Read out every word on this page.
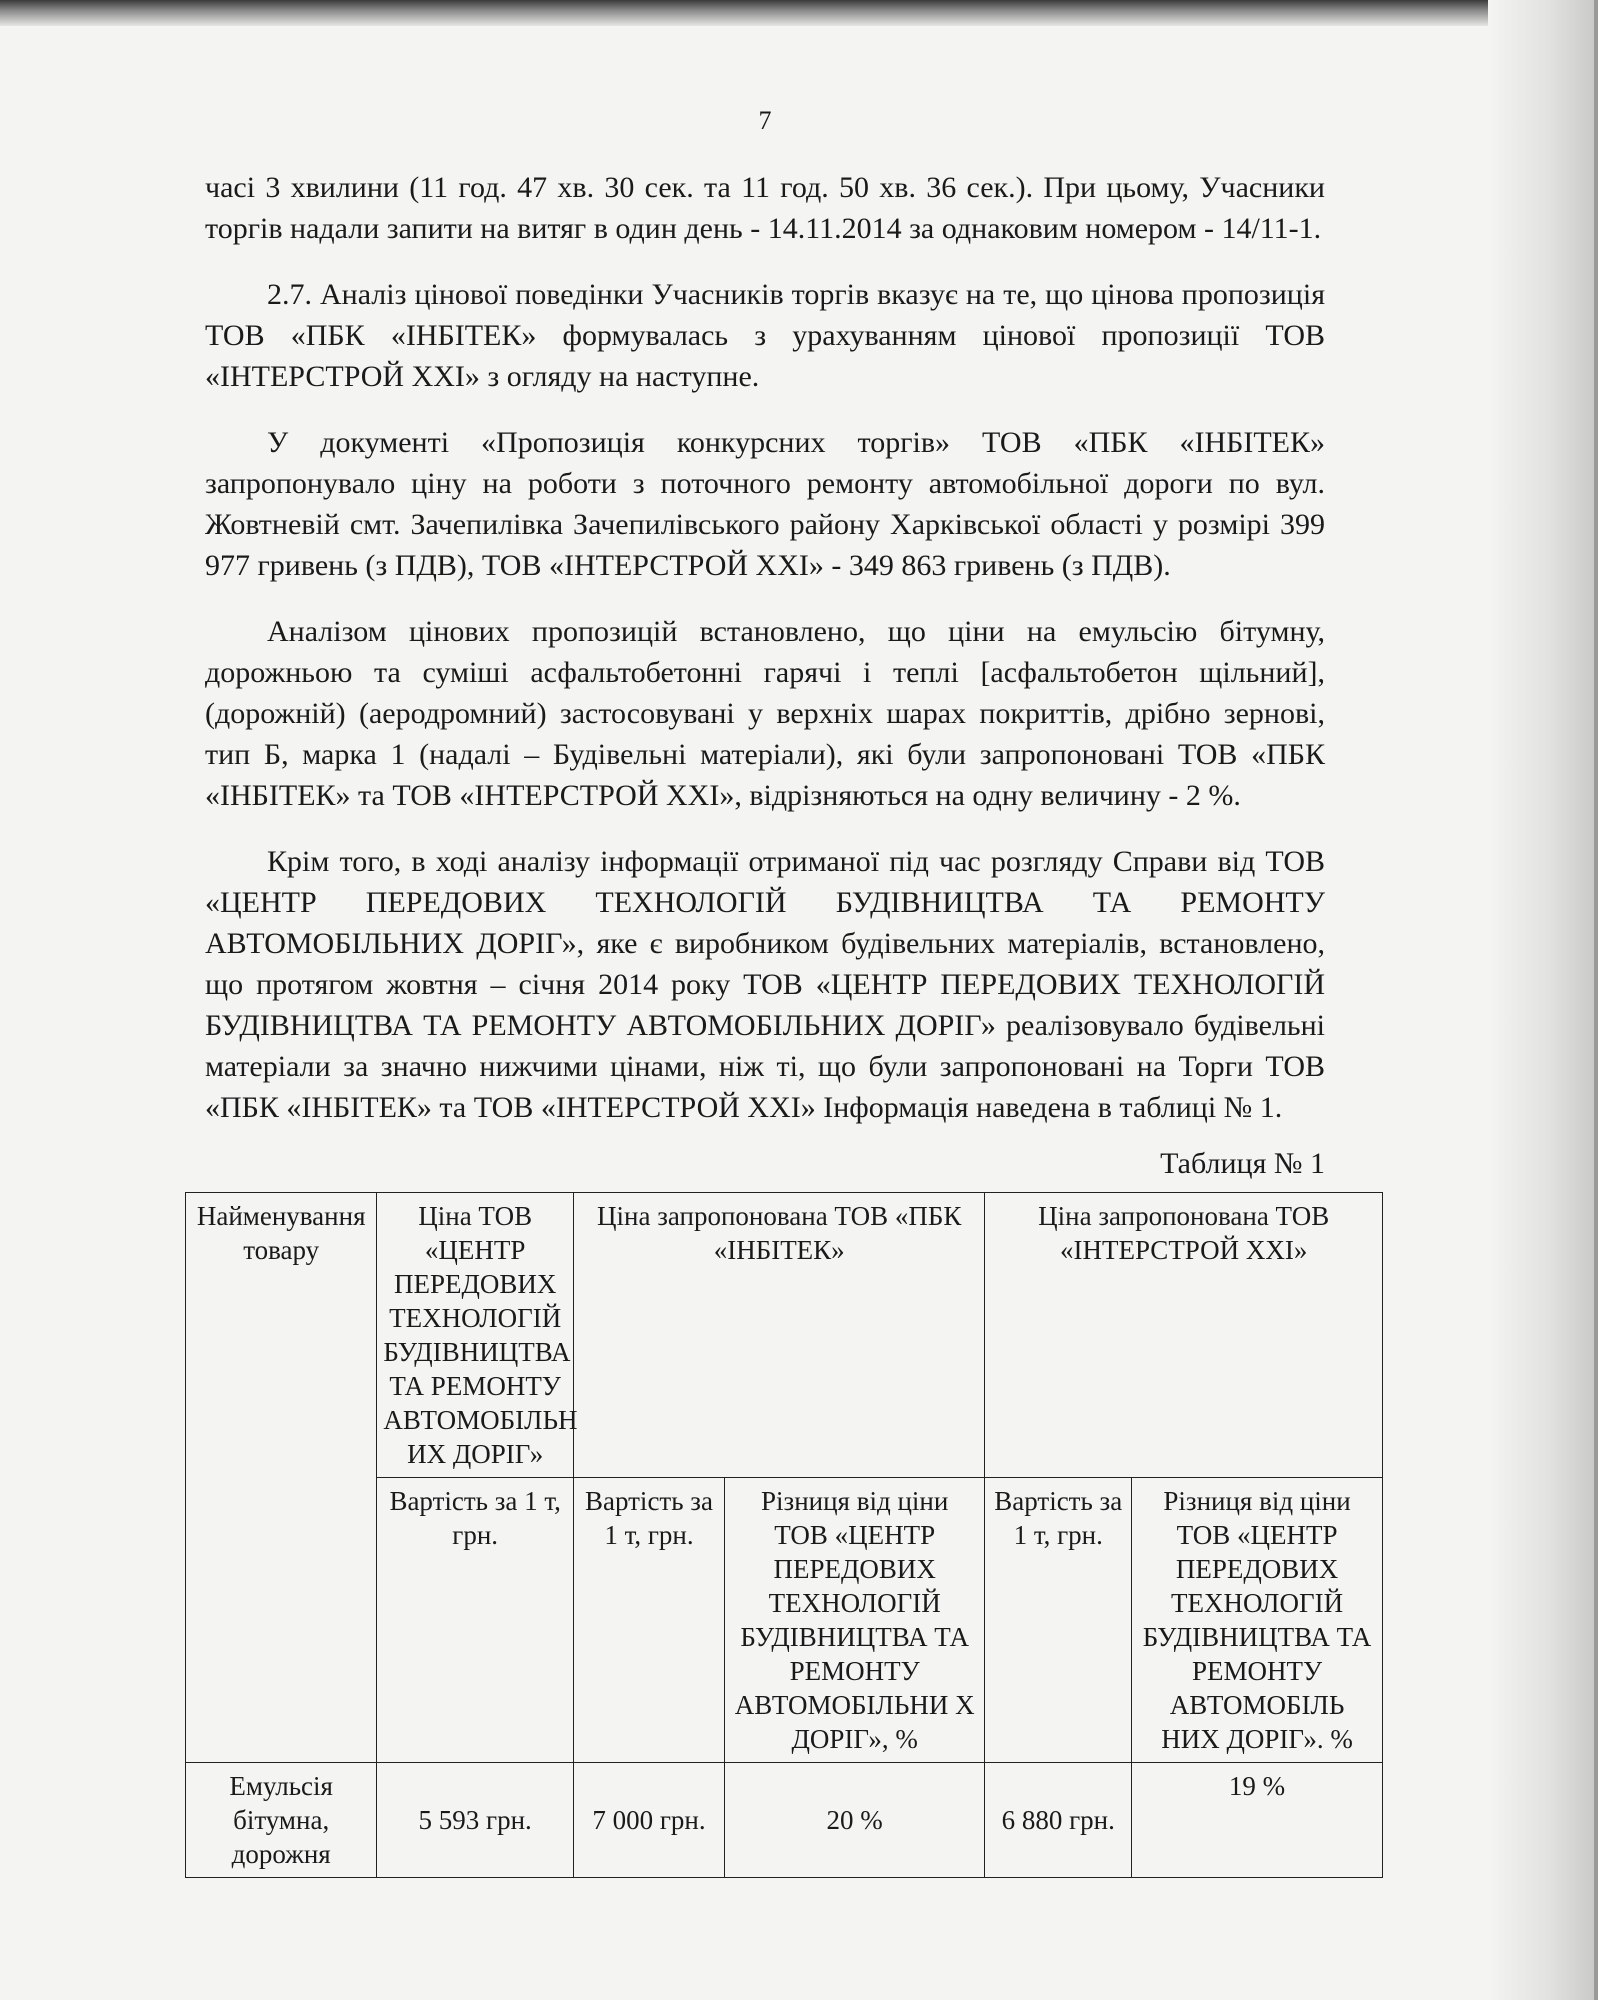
7

часі 3 хвилини (11 год. 47 хв. 30 сек. та 11 год. 50 хв. 36 сек.). При цьому, Учасники торгів надали запити на витяг в один день - 14.11.2014 за однаковим номером - 14/11-1.

2.7. Аналіз цінової поведінки Учасників торгів вказує на те, що цінова пропозиція ТОВ «ПБК «ІНБІТЕК» формувалась з урахуванням цінової пропозиції ТОВ «ІНТЕРСТРОЙ ХХІ» з огляду на наступне.

У документі «Пропозиція конкурсних торгів» ТОВ «ПБК «ІНБІТЕК» запропонувало ціну на роботи з поточного ремонту автомобільної дороги по вул. Жовтневій смт. Зачепилівка Зачепилівського району Харківської області у розмірі 399 977 гривень (з ПДВ), ТОВ «ІНТЕРСТРОЙ ХХІ» - 349 863 гривень (з ПДВ).

Аналізом цінових пропозицій встановлено, що ціни на емульсію бітумну, дорожньою та суміші асфальтобетонні гарячі і теплі [асфальтобетон щільний], (дорожній) (аеродромний) застосовувані у верхніх шарах покриттів, дрібно зернові, тип Б, марка 1 (надалі – Будівельні матеріали), які були запропоновані ТОВ «ПБК «ІНБІТЕК» та ТОВ «ІНТЕРСТРОЙ ХХІ», відрізняються на одну величину - 2 %.

Крім того, в ході аналізу інформації отриманої під час розгляду Справи від ТОВ «ЦЕНТР ПЕРЕДОВИХ ТЕХНОЛОГІЙ БУДІВНИЦТВА ТА РЕМОНТУ АВТОМОБІЛЬНИХ ДОРІГ», яке є виробником будівельних матеріалів, встановлено, що протягом жовтня – січня 2014 року ТОВ «ЦЕНТР ПЕРЕДОВИХ ТЕХНОЛОГІЙ БУДІВНИЦТВА ТА РЕМОНТУ АВТОМОБІЛЬНИХ ДОРІГ» реалізовувало будівельні матеріали за значно нижчими цінами, ніж ті, що були запропоновані на Торги ТОВ «ПБК «ІНБІТЕК» та ТОВ «ІНТЕРСТРОЙ ХХІ» Інформація наведена в таблиці № 1.

Таблиця № 1
Найменування товару	Ціна ТОВ «ЦЕНТР ПЕРЕДОВИХ ТЕХНОЛОГІЙ БУДІВНИЦТВА ТА РЕМОНТУ АВТОМОБІЛЬН ИХ ДОРІГ»	Ціна запропонована ТОВ «ПБК «ІНБІТЕК»		Ціна запропонована ТОВ «ІНТЕРСТРОЙ ХХІ»	
	Вартість за 1 т, грн.	Вартість за 1 т, грн.	Різниця від ціни ТОВ «ЦЕНТР ПЕРЕДОВИХ ТЕХНОЛОГІЙ БУДІВНИЦТВА ТА РЕМОНТУ АВТОМОБІЛЬНИ Х ДОРІГ», %	Вартість за 1 т, грн.	Різниця від ціни ТОВ «ЦЕНТР ПЕРЕДОВИХ ТЕХНОЛОГІЙ БУДІВНИЦТВА ТА РЕМОНТУ АВТОМОБІЛЬ НИХ ДОРІГ». %
Емульсія бітумна, дорожня	5 593 грн.	7 000 грн.	20 %	6 880 грн.	19 %
